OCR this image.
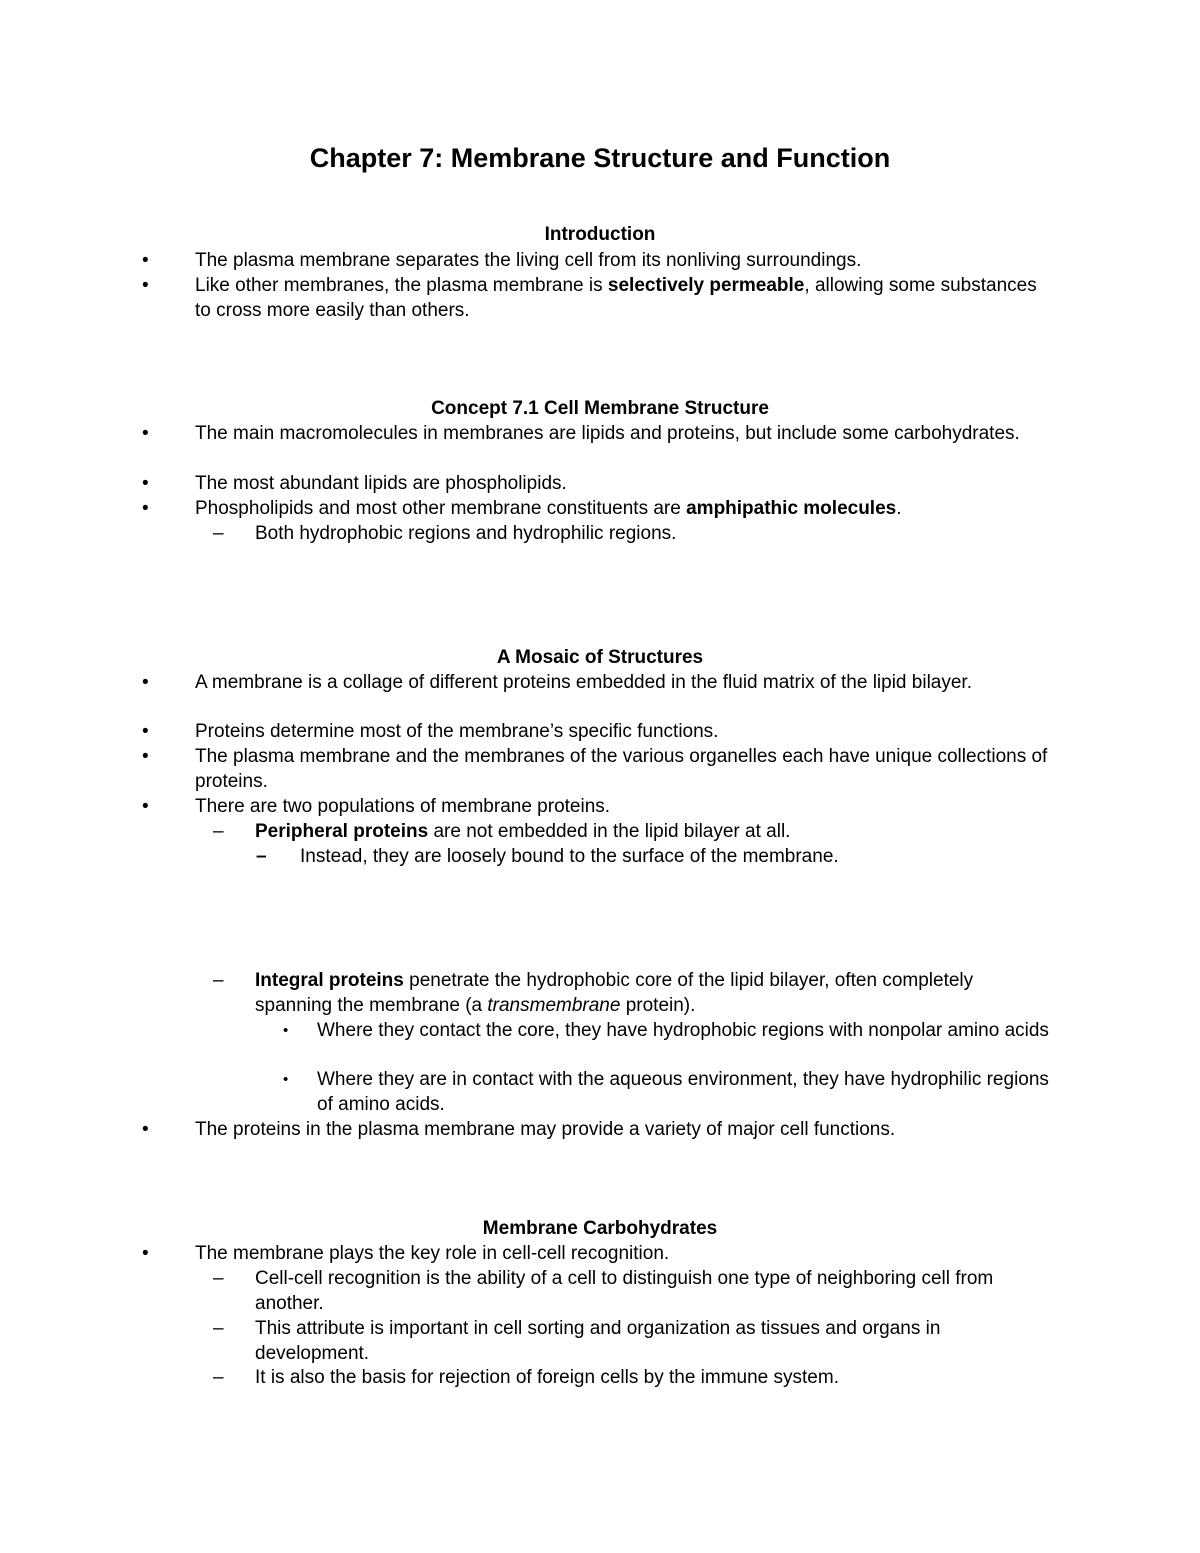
Chapter 7: Membrane Structure and Function
Introduction

• The plasma membrane separates the living cell from its nonliving surroundings.

• Like other membranes, the plasma membrane is selectively permeable, allowing some substances to cross more easily than others.

Concept 7.1 Cell Membrane Structure

• The main macromolecules in membranes are lipids and proteins, but include some carbohydrates.

• The most abundant lipids are phospholipids.

• Phospholipids and most other membrane constituents are amphipathic molecules.

– Both hydrophobic regions and hydrophilic regions.

A Mosaic of Structures

• A membrane is a collage of different proteins embedded in the fluid matrix of the lipid bilayer.

• Proteins determine most of the membrane’s specific functions.

• The plasma membrane and the membranes of the various organelles each have unique collections of proteins.

• There are two populations of membrane proteins.

– Peripheral proteins are not embedded in the lipid bilayer at all.

– Instead, they are loosely bound to the surface of the membrane.

– Integral proteins penetrate the hydrophobic core of the lipid bilayer, often completely spanning the membrane (a transmembrane protein).

• Where they contact the core, they have hydrophobic regions with nonpolar amino acids

• Where they are in contact with the aqueous environment, they have hydrophilic regions of amino acids.

• The proteins in the plasma membrane may provide a variety of major cell functions.

Membrane Carbohydrates

• The membrane plays the key role in cell-cell recognition.

– Cell-cell recognition is the ability of a cell to distinguish one type of neighboring cell from another.

– This attribute is important in cell sorting and organization as tissues and organs in development.

– It is also the basis for rejection of foreign cells by the immune system.
